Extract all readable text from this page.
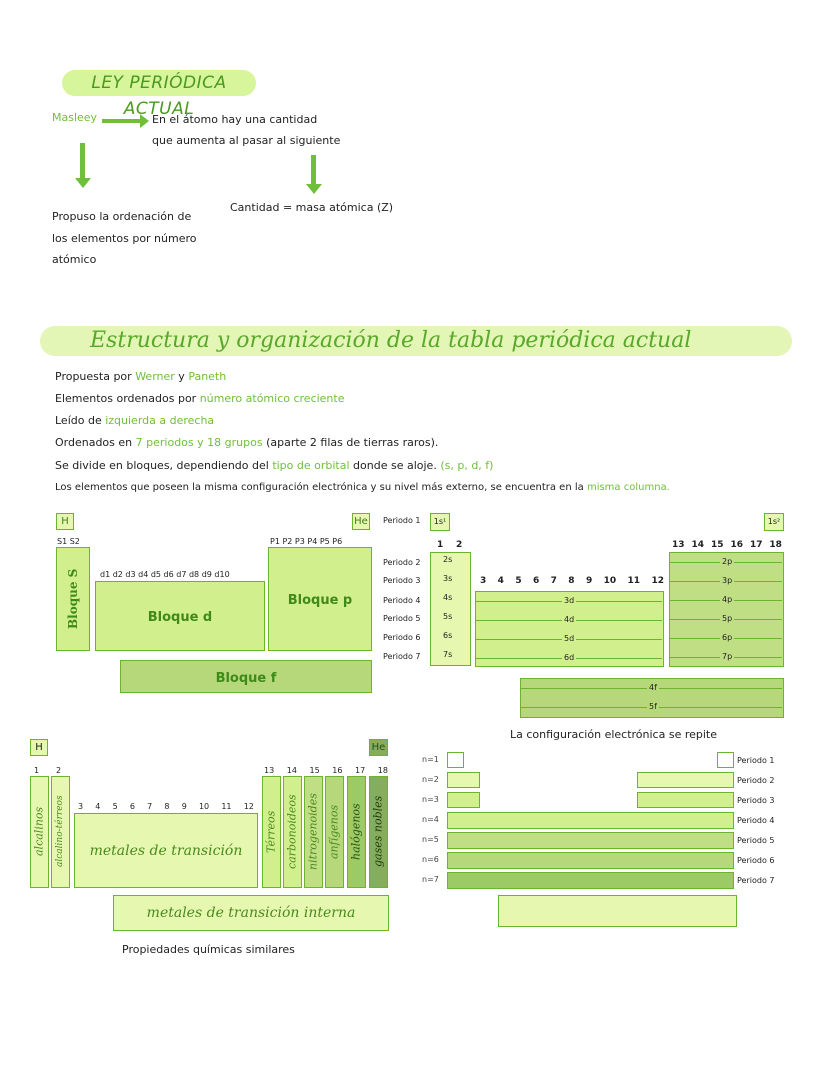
LEY PERIÓDICA ACTUAL
Masleey	En el átomo hay una cantidad
que aumenta al pasar al siguiente
Cantidad = masa atómica (Z)
Propuso la ordenación de
los elementos por número
atómico
Estructura y organización de la tabla periódica actual
Propuesta por Werner y Paneth
Elementos ordenados por número atómico creciente
Leído de izquierda a derecha
Ordenados en 7 periodos y 18 grupos (aparte 2 filas de tierras raros).
Se divide en bloques, dependiendo del tipo de orbital donde se aloje. (s, p, d, f)
Los elementos que poseen la misma configuración electrónica y su nivel más externo, se encuentra en la misma columna.
H	He
S1 S2	P1 P2 P3 P4 P5 P6
d1 d2 d3 d4 d5 d6 d7 d8 d9 d10
Bloque S	Bloque d
Bloque p
Bloque f
Periodo 1
Periodo 2
Periodo 3
Periodo 4
Periodo 5
Periodo 6
Periodo 7
1s¹	1s²
1 2
3 4 5 6 7 8 9 10 11 12
13 14 15 16 17 18
2s
3s
4s
5s
6s
7s
3d
4d
5d
6d
2p
3p
4p
5p
6p
7p
4f
5f
La configuración electrónica se repite
H	He
1 2
3 4 5 6 7 8 9 10 11 12
13 14 15 16 17 18
alcalinos	alcalino-térreos metales de transición Térreos carbonoideos nitrogenoides anfígenos halógenos gases nobles
metales de transición interna
Propiedades químicas similares
n=1
n=2
n=3
n=4
n=5
n=6
n=7
Periodo 1
Periodo 2
Periodo 3
Periodo 4
Periodo 5
Periodo 6
Periodo 7
